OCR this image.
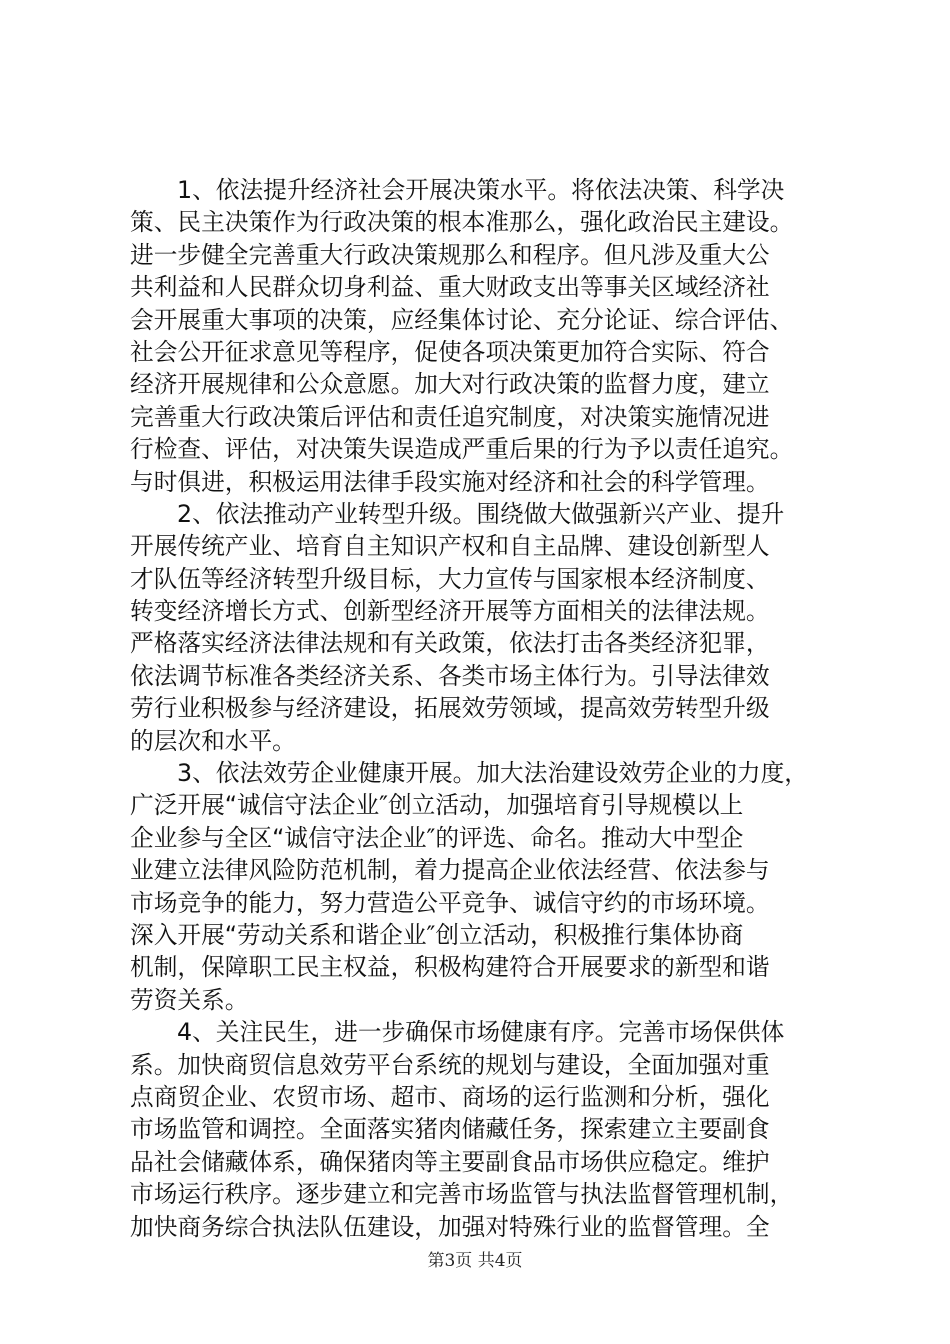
1、依法提升经济社会开展决策水平。将依法决策、科学决
策、民主决策作为行政决策的根本准那么，强化政治民主建设。
进一步健全完善重大行政决策规那么和程序。但凡涉及重大公
共利益和人民群众切身利益、重大财政支出等事关区域经济社
会开展重大事项的决策，应经集体讨论、充分论证、综合评估、
社会公开征求意见等程序，促使各项决策更加符合实际、符合
经济开展规律和公众意愿。加大对行政决策的监督力度，建立
完善重大行政决策后评估和责任追究制度，对决策实施情况进
行检查、评估，对决策失误造成严重后果的行为予以责任追究。
与时俱进，积极运用法律手段实施对经济和社会的科学管理。
2、依法推动产业转型升级。围绕做大做强新兴产业、提升
开展传统产业、培育自主知识产权和自主品牌、建设创新型人
才队伍等经济转型升级目标，大力宣传与国家根本经济制度、
转变经济增长方式、创新型经济开展等方面相关的法律法规。
严格落实经济法律法规和有关政策，依法打击各类经济犯罪，
依法调节标准各类经济关系、各类市场主体行为。引导法律效
劳行业积极参与经济建设，拓展效劳领域，提高效劳转型升级
的层次和水平。
3、依法效劳企业健康开展。加大法治建设效劳企业的力度，
广泛开展“诚信守法企业″创立活动，加强培育引导规模以上
企业参与全区“诚信守法企业″的评选、命名。推动大中型企
业建立法律风险防范机制，着力提高企业依法经营、依法参与
市场竞争的能力，努力营造公平竞争、诚信守约的市场环境。
深入开展“劳动关系和谐企业″创立活动，积极推行集体协商
机制，保障职工民主权益，积极构建符合开展要求的新型和谐
劳资关系。
4、关注民生，进一步确保市场健康有序。完善市场保供体
系。加快商贸信息效劳平台系统的规划与建设，全面加强对重
点商贸企业、农贸市场、超市、商场的运行监测和分析，强化
市场监管和调控。全面落实猪肉储藏任务，探索建立主要副食
品社会储藏体系，确保猪肉等主要副食品市场供应稳定。维护
市场运行秩序。逐步建立和完善市场监管与执法监督管理机制，
加快商务综合执法队伍建设，加强对特殊行业的监督管理。全
第3页 共4页
